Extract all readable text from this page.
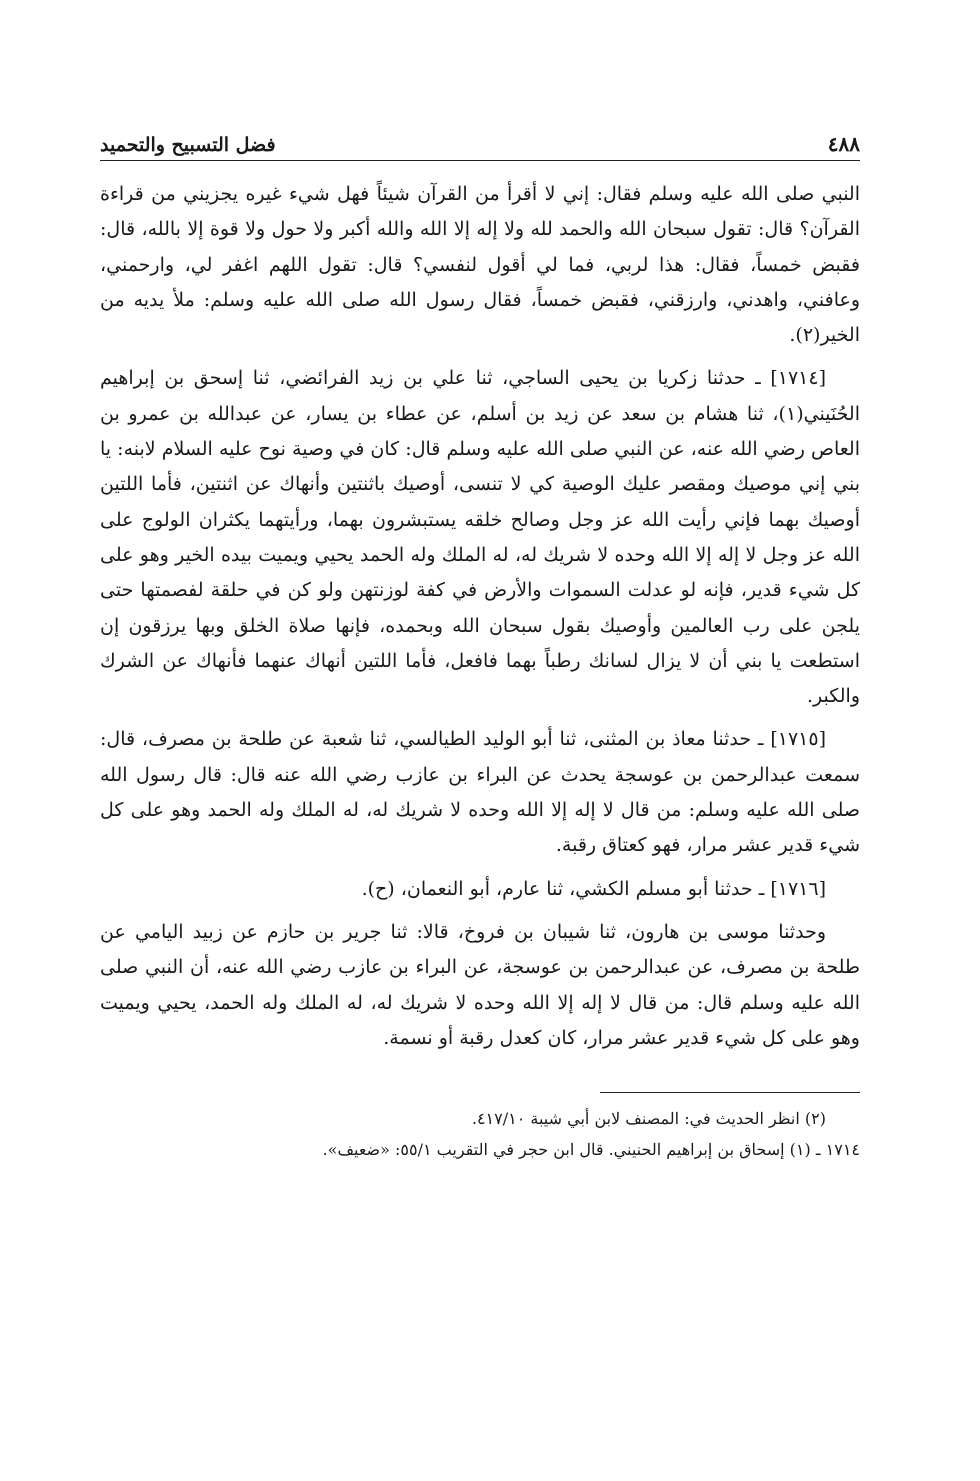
٤٨٨
فضل التسبيح والتحميد

النبي صلى الله عليه وسلم فقال: إني لا أقرأ من القرآن شيئاً فهل شيء غيره يجزيني من قراءة القرآن؟ قال: تقول سبحان الله والحمد لله ولا إله إلا الله والله أكبر ولا حول ولا قوة إلا بالله، قال: فقبض خمساً، فقال: هذا لربي، فما لي أقول لنفسي؟ قال: تقول اللهم اغفر لي، وارحمني، وعافني، واهدني، وارزقني، فقبض خمساً، فقال رسول الله صلى الله عليه وسلم: ملأ يديه من الخير(٢).

[١٧١٤] ـ حدثنا زكريا بن يحيى الساجي، ثنا علي بن زيد الفرائضي، ثنا إسحق بن إبراهيم الحُنَيني(١)، ثنا هشام بن سعد عن زيد بن أسلم، عن عطاء بن يسار، عن عبدالله بن عمرو بن العاص رضي الله عنه، عن النبي صلى الله عليه وسلم قال: كان في وصية نوح عليه السلام لابنه: يا بني إني موصيك ومقصر عليك الوصية كي لا تنسى، أوصيك باثنتين وأنهاك عن اثنتين، فأما اللتين أوصيك بهما فإني رأيت الله عز وجل وصالح خلقه يستبشرون بهما، ورأيتهما يكثران الولوج على الله عز وجل لا إله إلا الله وحده لا شريك له، له الملك وله الحمد يحيي ويميت بيده الخير وهو على كل شيء قدير، فإنه لو عدلت السموات والأرض في كفة لوزنتهن ولو كن في حلقة لفصمتها حتى يلجن على رب العالمين وأوصيك بقول سبحان الله وبحمده، فإنها صلاة الخلق وبها يرزقون إن استطعت يا بني أن لا يزال لسانك رطباً بهما فافعل، فأما اللتين أنهاك عنهما فأنهاك عن الشرك والكبر.

[١٧١٥] ـ حدثنا معاذ بن المثنى، ثنا أبو الوليد الطيالسي، ثنا شعبة عن طلحة بن مصرف، قال: سمعت عبدالرحمن بن عوسجة يحدث عن البراء بن عازب رضي الله عنه قال: قال رسول الله صلى الله عليه وسلم: من قال لا إله إلا الله وحده لا شريك له، له الملك وله الحمد وهو على كل شيء قدير عشر مرار، فهو كعتاق رقبة.

[١٧١٦] ـ حدثنا أبو مسلم الكشي، ثنا عارم، أبو النعمان، (ح).

وحدثنا موسى بن هارون، ثنا شيبان بن فروخ، قالا: ثنا جرير بن حازم عن زبيد اليامي عن طلحة بن مصرف، عن عبدالرحمن بن عوسجة، عن البراء بن عازب رضي الله عنه، أن النبي صلى الله عليه وسلم قال: من قال لا إله إلا الله وحده لا شريك له، له الملك وله الحمد، يحيي ويميت وهو على كل شيء قدير عشر مرار، كان كعدل رقبة أو نسمة.

(٢) انظر الحديث في: المصنف لابن أبي شيبة ٤١٧/١٠.

١٧١٤ ـ (١) إسحاق بن إبراهيم الحنيني. قال ابن حجر في التقريب ٥٥/١: «ضعيف».
